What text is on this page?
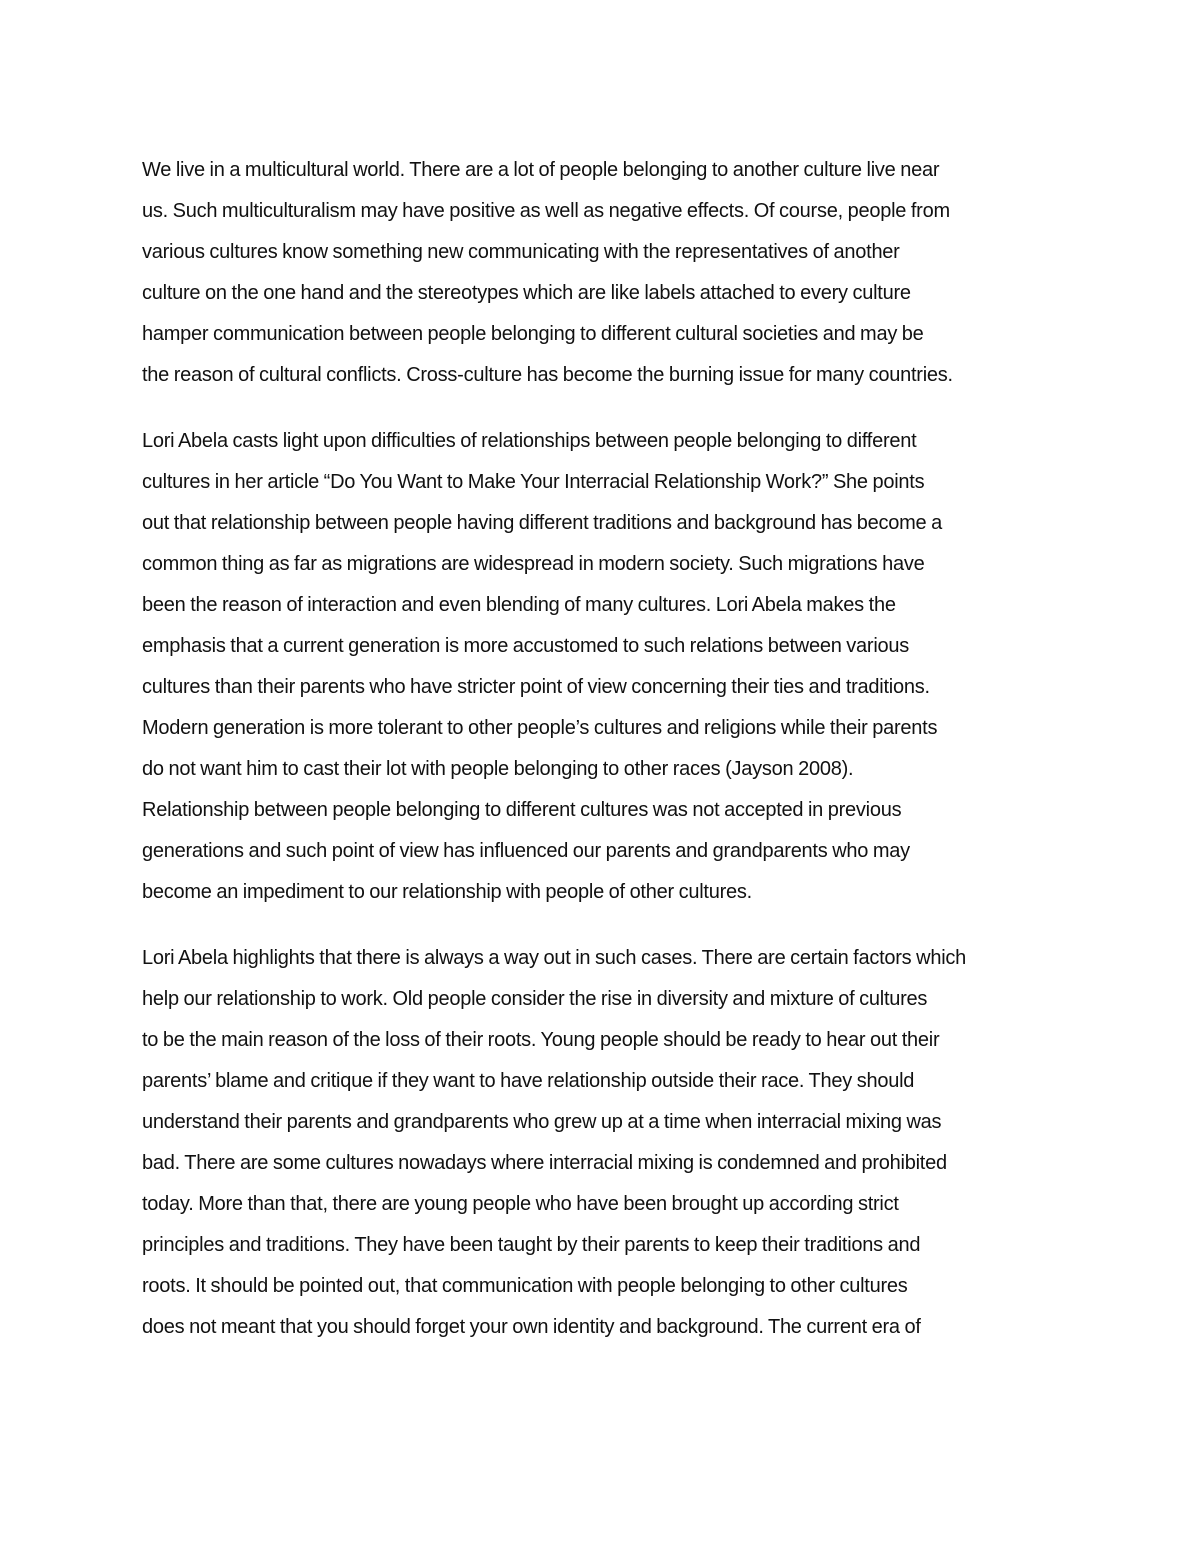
We live in a multicultural world. There are a lot of people belonging to another culture live near
us. Such multiculturalism may have positive as well as negative effects. Of course, people from
various cultures know something new communicating with the representatives of another
culture on the one hand and the stereotypes which are like labels attached to every culture
hamper communication between people belonging to different cultural societies and may be
the reason of cultural conflicts. Cross-culture has become the burning issue for many countries.

Lori Abela casts light upon difficulties of relationships between people belonging to different
cultures in her article “Do You Want to Make Your Interracial Relationship Work?” She points
out that relationship between people having different traditions and background has become a
common thing as far as migrations are widespread in modern society. Such migrations have
been the reason of interaction and even blending of many cultures. Lori Abela makes the
emphasis that a current generation is more accustomed to such relations between various
cultures than their parents who have stricter point of view concerning their ties and traditions.
Modern generation is more tolerant to other people’s cultures and religions while their parents
do not want him to cast their lot with people belonging to other races (Jayson 2008).
Relationship between people belonging to different cultures was not accepted in previous
generations and such point of view has influenced our parents and grandparents who may
become an impediment to our relationship with people of other cultures.

Lori Abela highlights that there is always a way out in such cases. There are certain factors which
help our relationship to work. Old people consider the rise in diversity and mixture of cultures
to be the main reason of the loss of their roots. Young people should be ready to hear out their
parents’ blame and critique if they want to have relationship outside their race. They should
understand their parents and grandparents who grew up at a time when interracial mixing was
bad. There are some cultures nowadays where interracial mixing is condemned and prohibited
today. More than that, there are young people who have been brought up according strict
principles and traditions. They have been taught by their parents to keep their traditions and
roots. It should be pointed out, that communication with people belonging to other cultures
does not meant that you should forget your own identity and background. The current era of
